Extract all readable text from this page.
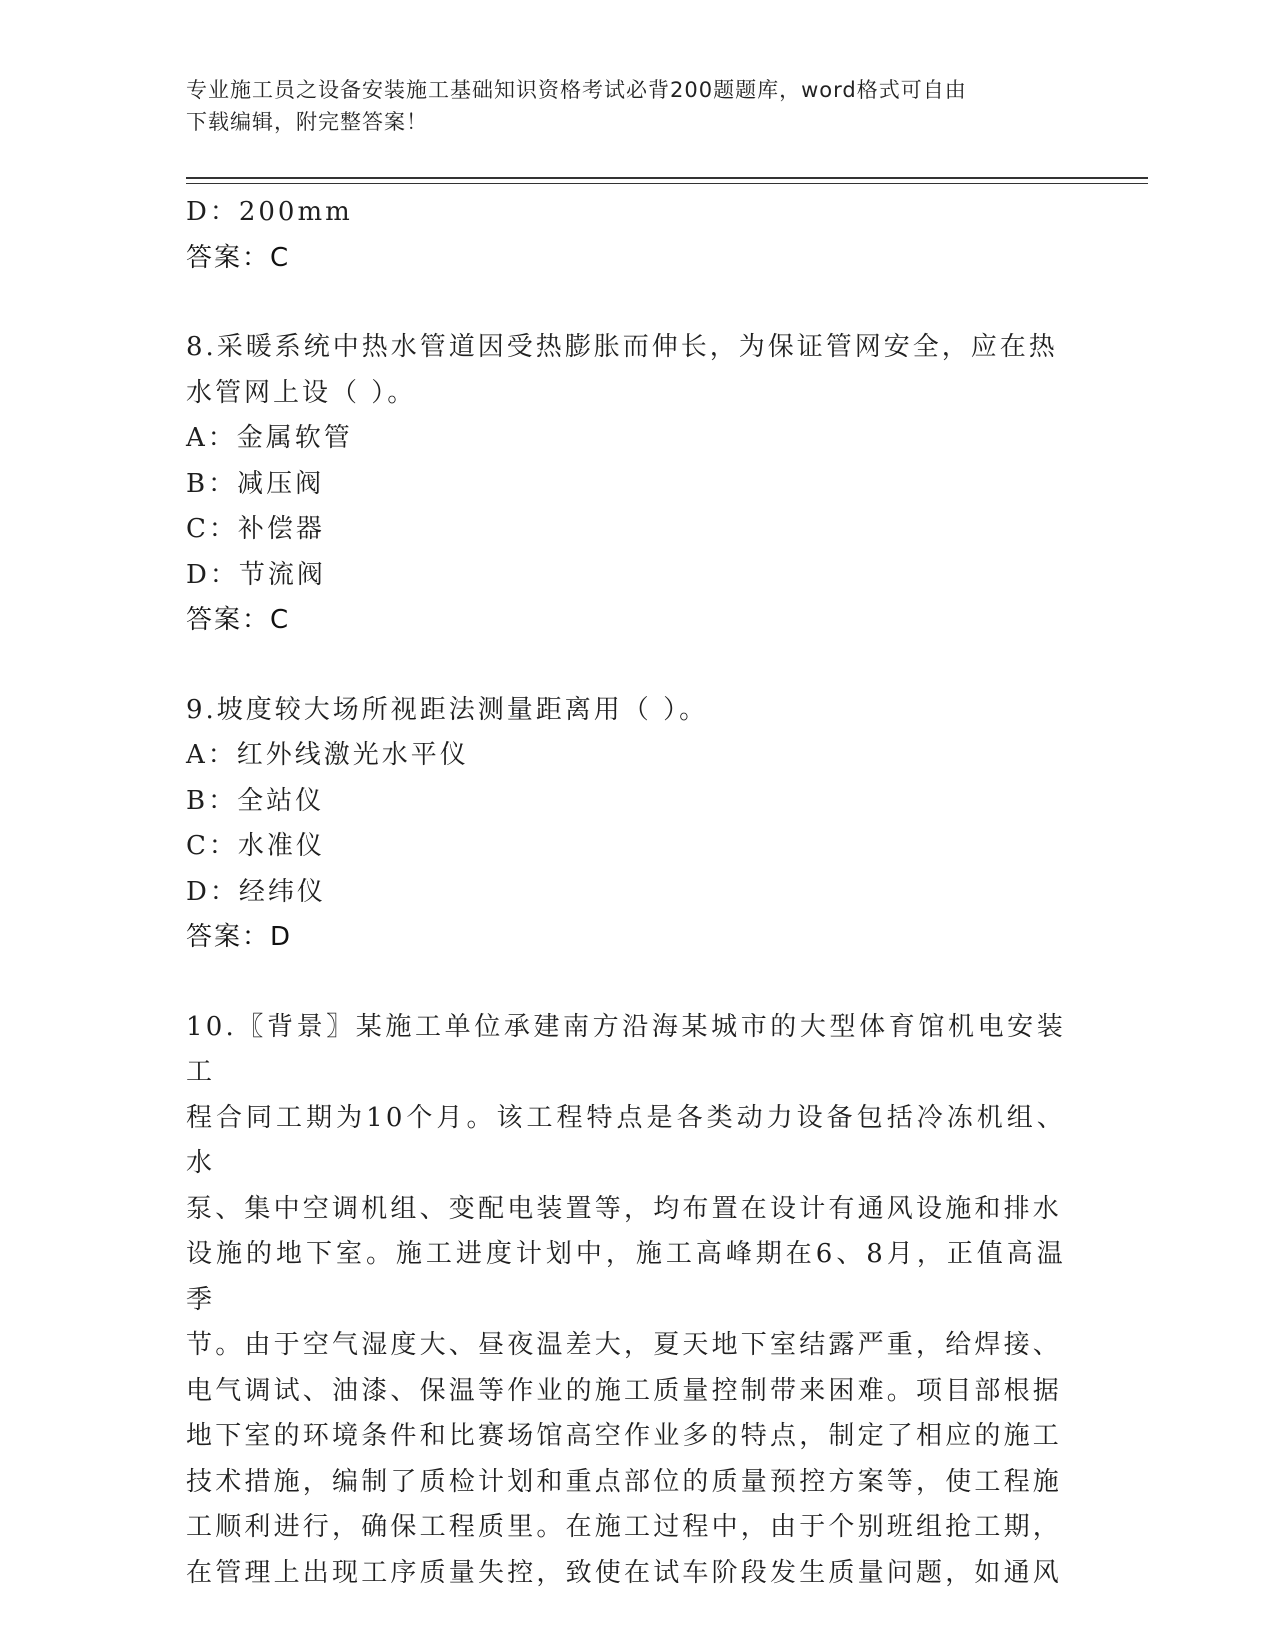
专业施工员之设备安装施工基础知识资格考试必背200题题库，word格式可自由
下载编辑，附完整答案！

D：200mm

答案：C

8.采暖系统中热水管道因受热膨胀而伸长，为保证管网安全，应在热

水管网上设（ ）。

A：金属软管

B：减压阀

C：补偿器

D：节流阀

答案：C

9.坡度较大场所视距法测量距离用（ ）。

A：红外线激光水平仪

B：全站仪

C：水准仪

D：经纬仪

答案：D

10.〖背景〗某施工单位承建南方沿海某城市的大型体育馆机电安装工

程合同工期为10个月。该工程特点是各类动力设备包括冷冻机组、水

泵、集中空调机组、变配电装置等，均布置在设计有通风设施和排水

设施的地下室。施工进度计划中，施工高峰期在6、8月，正值高温季

节。由于空气湿度大、昼夜温差大，夏天地下室结露严重，给焊接、

电气调试、油漆、保温等作业的施工质量控制带来困难。项目部根据

地下室的环境条件和比赛场馆高空作业多的特点，制定了相应的施工

技术措施，编制了质检计划和重点部位的质量预控方案等，使工程施

工顺利进行，确保工程质里。在施工过程中，由于个别班组抢工期，

在管理上出现工序质量失控，致使在试车阶段发生质量问题，如通风
